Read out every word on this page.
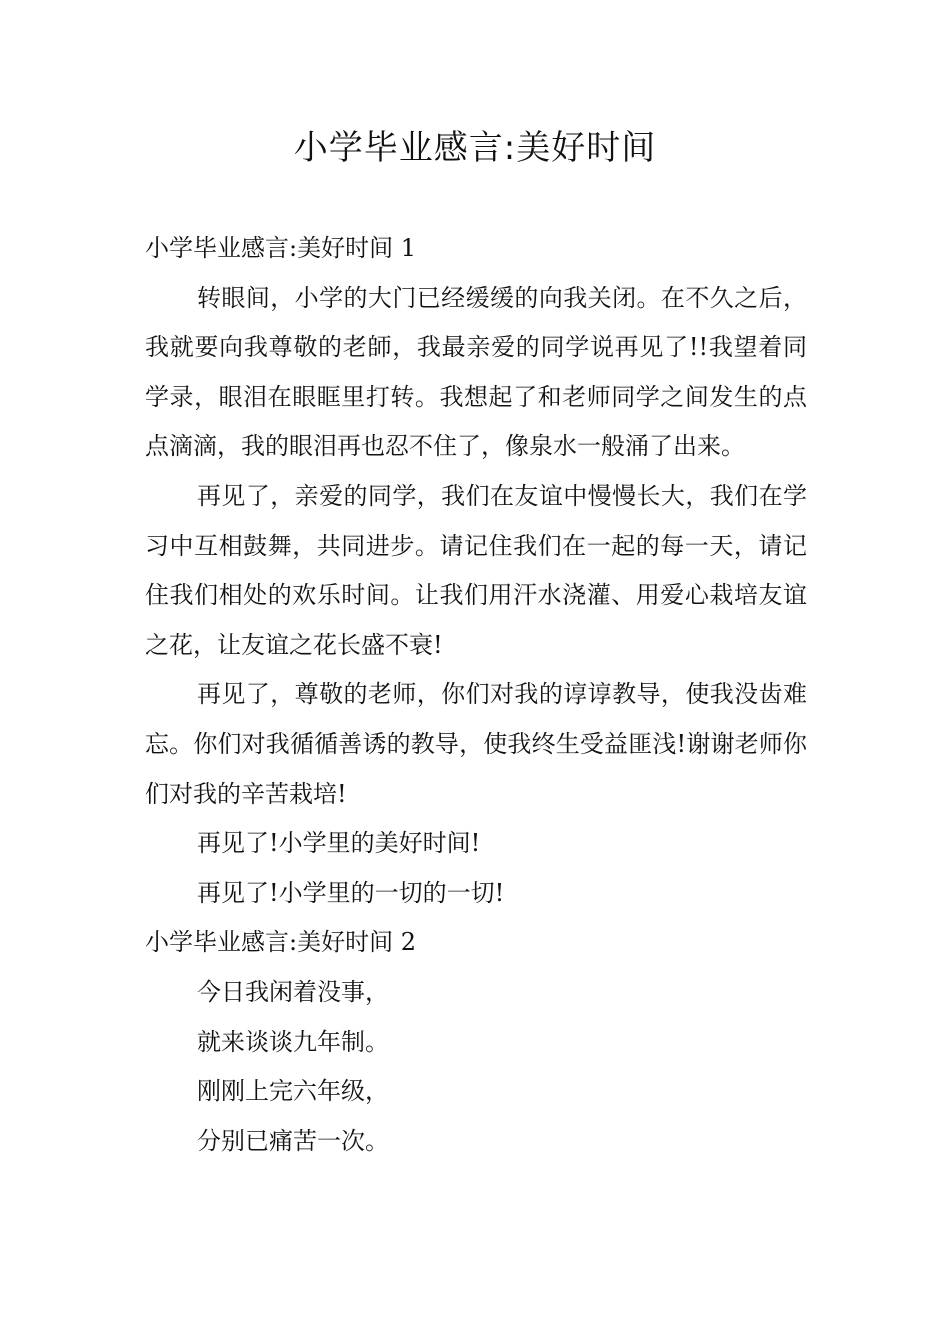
小学毕业感言:美好时间

小学毕业感言:美好时间 1

转眼间，小学的大门已经缓缓的向我关闭。在不久之后，我就要向我尊敬的老師，我最亲爱的同学说再见了!!我望着同学录，眼泪在眼眶里打转。我想起了和老师同学之间发生的点点滴滴，我的眼泪再也忍不住了，像泉水一般涌了出来。

再见了，亲爱的同学，我们在友谊中慢慢长大，我们在学习中互相鼓舞，共同进步。请记住我们在一起的每一天，请记住我们相处的欢乐时间。让我们用汗水浇灌、用爱心栽培友谊之花，让友谊之花长盛不衰!

再见了，尊敬的老师，你们对我的谆谆教导，使我没齿难忘。你们对我循循善诱的教导，使我终生受益匪浅!谢谢老师你们对我的辛苦栽培!

再见了!小学里的美好时间!

再见了!小学里的一切的一切!

小学毕业感言:美好时间 2

今日我闲着没事，

就来谈谈九年制。

刚刚上完六年级，

分别已痛苦一次。
